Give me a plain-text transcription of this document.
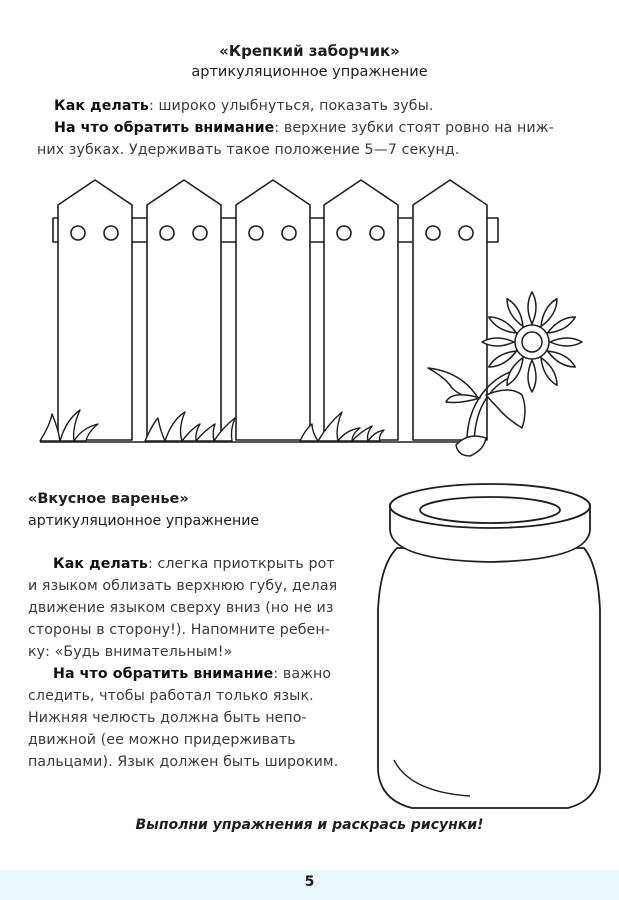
«Крепкий заборчик»
артикуляционное упражнение
Как делать: широко улыбнуться, показать зубы.
На что обратить внимание: верхние зубки стоят ровно на ниж-
них зубках. Удерживать такое положение 5—7 секунд.
«Вкусное варенье»
артикуляционное упражнение
Как делать: слегка приоткрыть рот
и языком облизать верхнюю губу, делая
движение языком сверху вниз (но не из
стороны в сторону!). Напомните ребен-
ку: «Будь внимательным!»
На что обратить внимание: важно
следить, чтобы работал только язык.
Нижняя челюсть должна быть непо-
движной (ее можно придерживать
пальцами). Язык должен быть широким.
Выполни упражнения и раскрась рисунки!
5
